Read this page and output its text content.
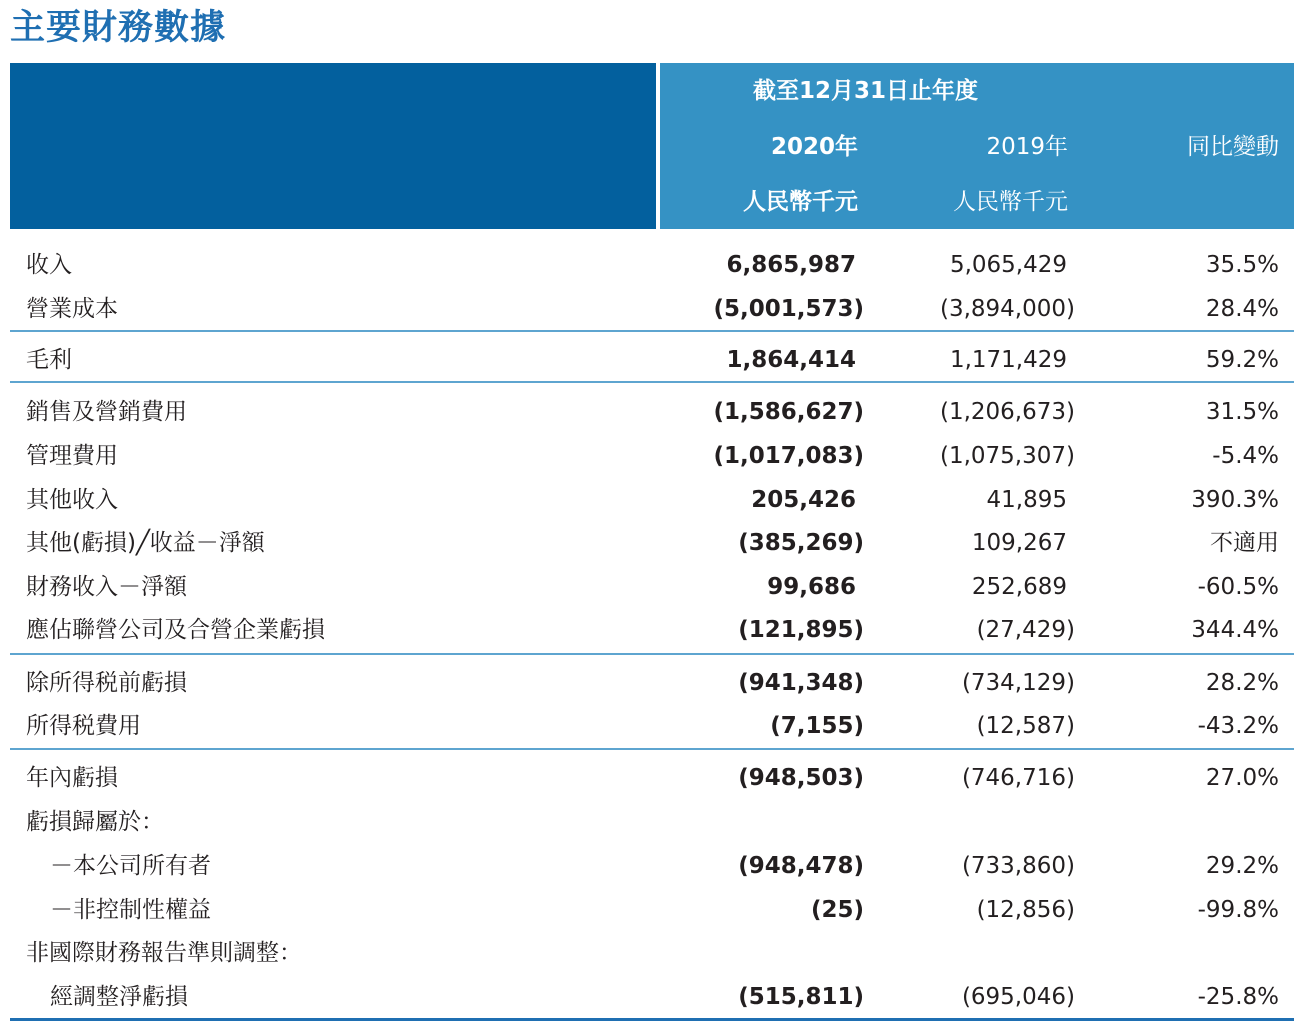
主要財務數據
截至12月31日止年度
2020年	2019年	同比變動
人民幣千元	人民幣千元
收入	6,865,987	5,065,429	35.5%
營業成本	(5,001,573)	(3,894,000)	28.4%
毛利	1,864,414	1,171,429	59.2%
銷售及營銷費用	(1,586,627)	(1,206,673)	31.5%
管理費用	(1,017,083)	(1,075,307)	-5.4%
其他收入	205,426	41,895	390.3%
其他(虧損)╱收益－淨額	(385,269)	109,267	不適用
財務收入－淨額	99,686	252,689	-60.5%
應佔聯營公司及合營企業虧損	(121,895)	(27,429)	344.4%
除所得税前虧損	(941,348)	(734,129)	28.2%
所得税費用	(7,155)	(12,587)	-43.2%
年內虧損	(948,503)	(746,716)	27.0%
虧損歸屬於：
－本公司所有者	(948,478)	(733,860)	29.2%
－非控制性權益	(25)	(12,856)	-99.8%
非國際財務報告準則調整：
經調整淨虧損	(515,811)	(695,046)	-25.8%
